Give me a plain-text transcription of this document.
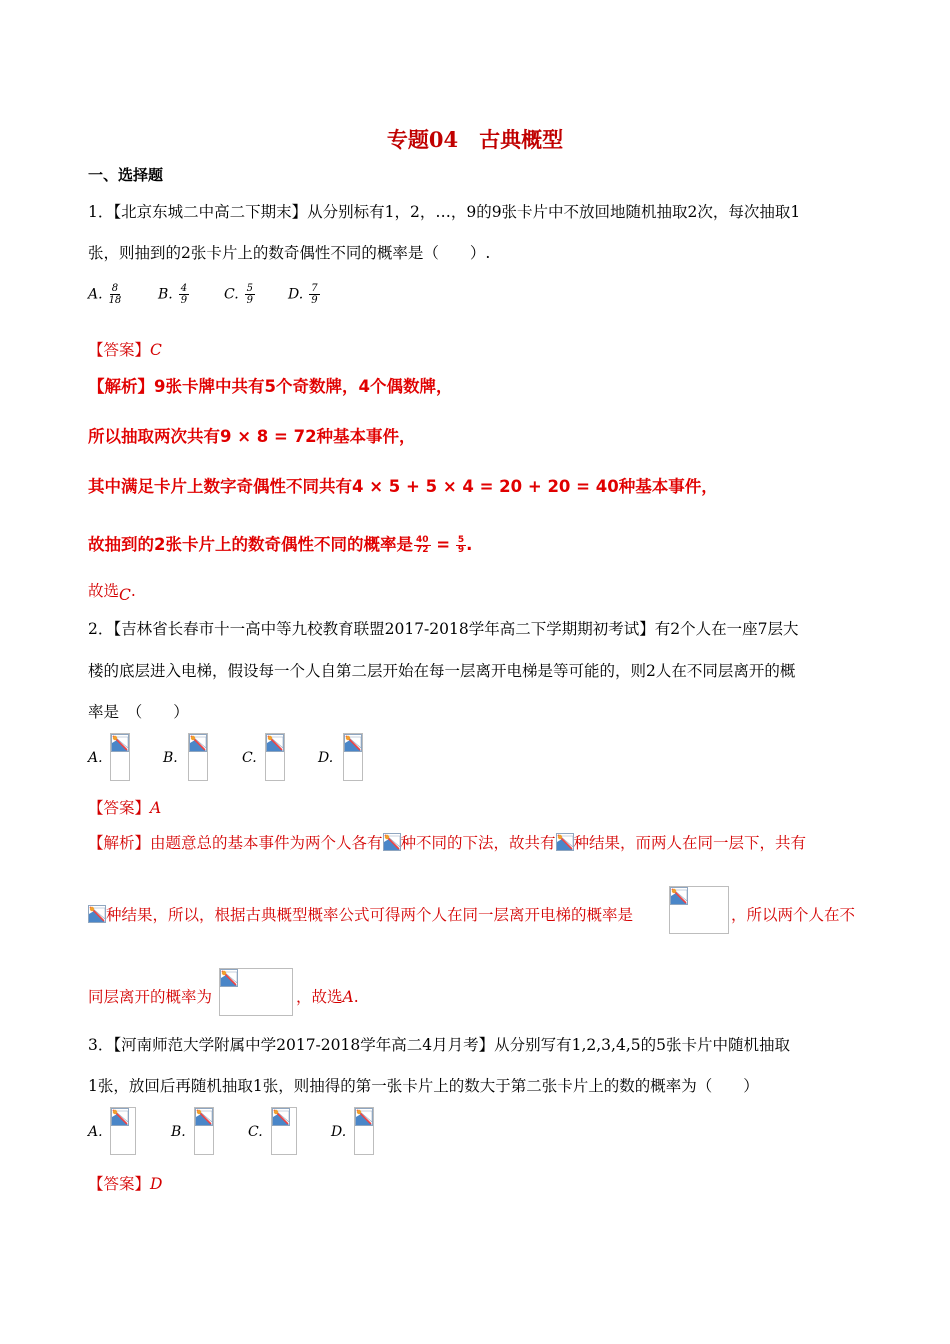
专题04　古典概型
一、选择题
1．【北京东城二中高二下期末】从分别标有1，2，…，9的9张卡片中不放回地随机抽取2次，每次抽取1
张，则抽到的2张卡片上的数奇偶性不同的概率是（　　）.
A. $\frac{8}{18}$	B. $\frac{4}{9} C$. $\frac{5}{9} D$. $\frac{7}{9}$
【答案】C
【解析】9张卡牌中共有5个奇数牌，4个偶数牌，
所以抽取两次共有9 × 8 = 72种基本事件，
其中满足卡片上数字奇偶性不同共有4 × 5 + 5 × 4 = 20 + 20 = 40种基本事件，
故抽到的2张卡片上的数奇偶性不同的概率是 $\frac{40}{72} = \frac{5}{9}$ .
故选C.
2．【吉林省长春市十一高中等九校教育联盟2017-2018学年高二下学期期初考试】有2个人在一座7层大
楼的底层进入电梯，假设每一个人自第二层开始在每一层离开电梯是等可能的，则2人在不同层离开的概
率是　（　　）
A.	B.	C.	D.
【答案】A
【解析】由题意总的基本事件为两个人各有 种不同的下法，故共有 种结果，而两人在同一层下，共有
种结果，所以，根据古典概型概率公式可得两个人在同一层离开电梯的概率是	，所以两个人在不
同层离开的概率为	，故选A.
3．【河南师范大学附属中学2017-2018学年高二4月月考】从分别写有1,2,3,4,5的5张卡片中随机抽取
1张，放回后再随机抽取1张，则抽得的第一张卡片上的数大于第二张卡片上的数的概率为（　　）
A.	B.	C.	D.
【答案】D
